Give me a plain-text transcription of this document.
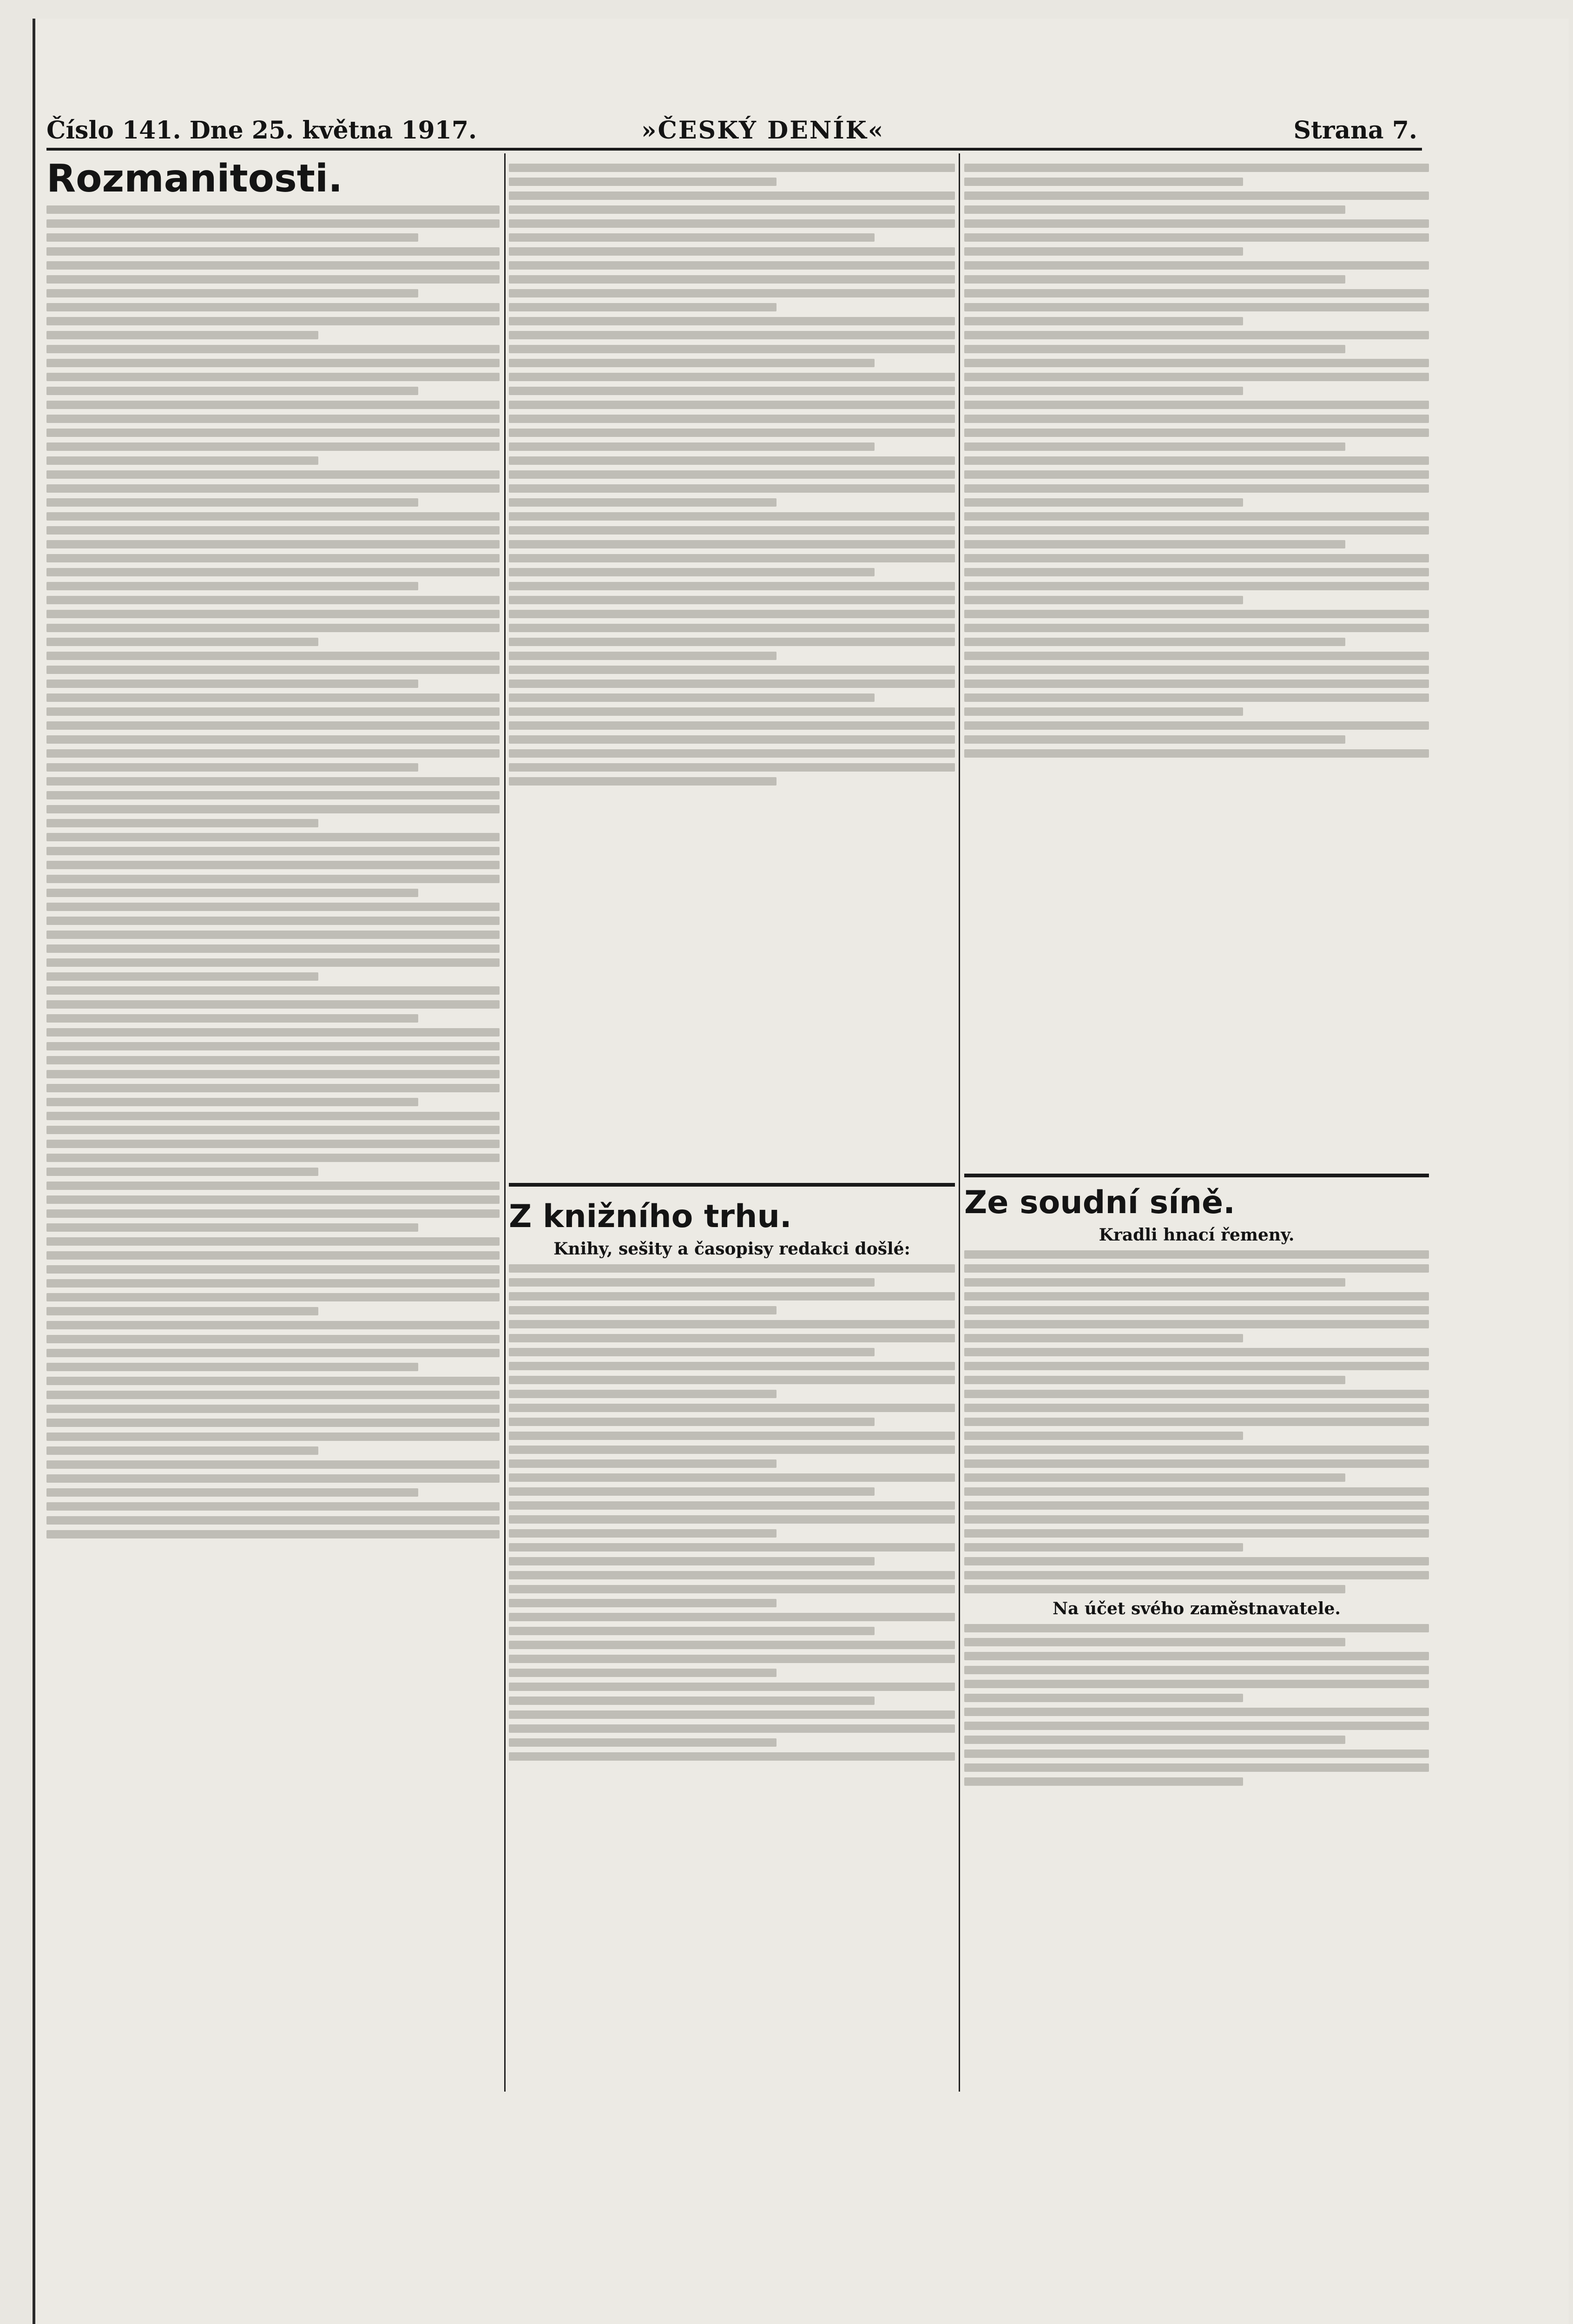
Číslo 141. Dne 25. května 1917.	»ČESKÝ DENÍK«	Strana 7.
Rozmanitosti.
Z knižního trhu.
Knihy, sešity a časopisy redakci došlé:
Ze soudní síně.
Kradli hnací řemeny.
Na účet svého zaměstnavatele.
